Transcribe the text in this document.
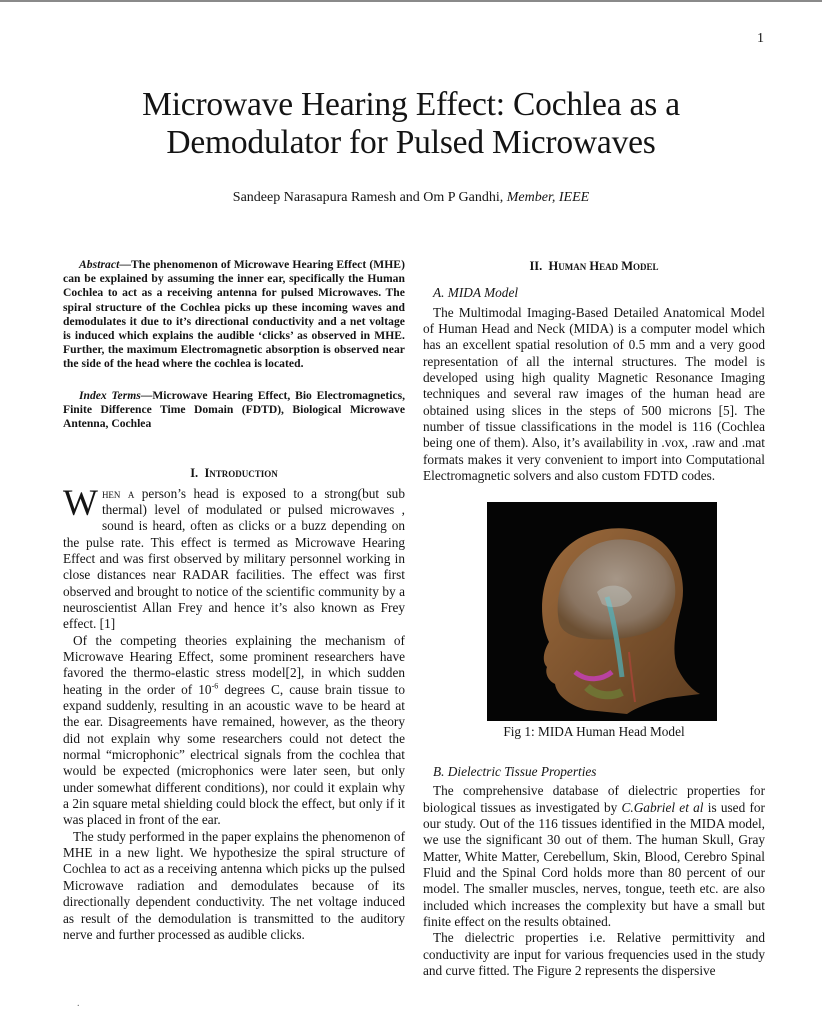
1
Microwave Hearing Effect: Cochlea as a
Demodulator for Pulsed Microwaves
Sandeep Narasapura Ramesh and Om P Gandhi, Member, IEEE

Abstract—The phenomenon of Microwave Hearing Effect (MHE) can be explained by assuming the inner ear, specifically the Human Cochlea to act as a receiving antenna for pulsed Microwaves. The spiral structure of the Cochlea picks up these incoming waves and demodulates it due to it’s directional conductivity and a net voltage is induced which explains the audible ‘clicks’ as observed in MHE. Further, the maximum Electromagnetic absorption is observed near the side of the head where the cochlea is located.

Index Terms—Microwave Hearing Effect, Bio Electromagnetics, Finite Difference Time Domain (FDTD), Biological Microwave Antenna, Cochlea

I. Introduction

When a person’s head is exposed to a strong(but sub thermal) level of modulated or pulsed microwaves , sound is heard, often as clicks or a buzz depending on the pulse rate. This effect is termed as Microwave Hearing Effect and was first observed by military personnel working in close distances near RADAR facilities. The effect was first observed and brought to notice of the scientific community by a neuroscientist Allan Frey and hence it’s also known as Frey effect. [1]

Of the competing theories explaining the mechanism of Microwave Hearing Effect, some prominent researchers have favored the thermo-elastic stress model[2], in which sudden heating in the order of $10^{-6}$ degrees C, cause brain tissue to expand suddenly, resulting in an acoustic wave to be heard at the ear. Disagreements have remained, however, as the theory did not explain why some researchers could not detect the normal “microphonic” electrical signals from the cochlea that would be expected (microphonics were later seen, but only under somewhat different conditions), nor could it explain why a 2in square metal shielding could block the effect, but only if it was placed in front of the ear.

The study performed in the paper explains the phenomenon of MHE in a new light. We hypothesize the spiral structure of Cochlea to act as a receiving antenna which picks up the pulsed Microwave radiation and demodulates because of its directionally dependent conductivity. The net voltage induced as result of the demodulation is transmitted to the auditory nerve and further processed as audible clicks.

II. Human Head Model
A. MIDA Model

The Multimodal Imaging-Based Detailed Anatomical Model of Human Head and Neck (MIDA) is a computer model which has an excellent spatial resolution of 0.5 mm and a very good representation of all the internal structures. The model is developed using high quality Magnetic Resonance Imaging techniques and several raw images of the human head are obtained using slices in the steps of 500 microns [5]. The number of tissue classifications in the model is 116 (Cochlea being one of them). Also, it’s availability in .vox, .raw and .mat formats makes it very convenient to import into Computational Electromagnetic solvers and also custom FDTD codes.

Fig 1: MIDA Human Head Model
B. Dielectric Tissue Properties

The comprehensive database of dielectric properties for biological tissues as investigated by C.Gabriel et al is used for our study. Out of the 116 tissues identified in the MIDA model, we use the significant 30 out of them. The human Skull, Gray Matter, White Matter, Cerebellum, Skin, Blood, Cerebro Spinal Fluid and the Spinal Cord holds more than 80 percent of our model. The smaller muscles, nerves, tongue, teeth etc. are also included which increases the complexity but have a small but finite effect on the results obtained.

The dielectric properties i.e. Relative permittivity and conductivity are input for various frequencies used in the study and curve fitted. The Figure 2 represents the dispersive

.
